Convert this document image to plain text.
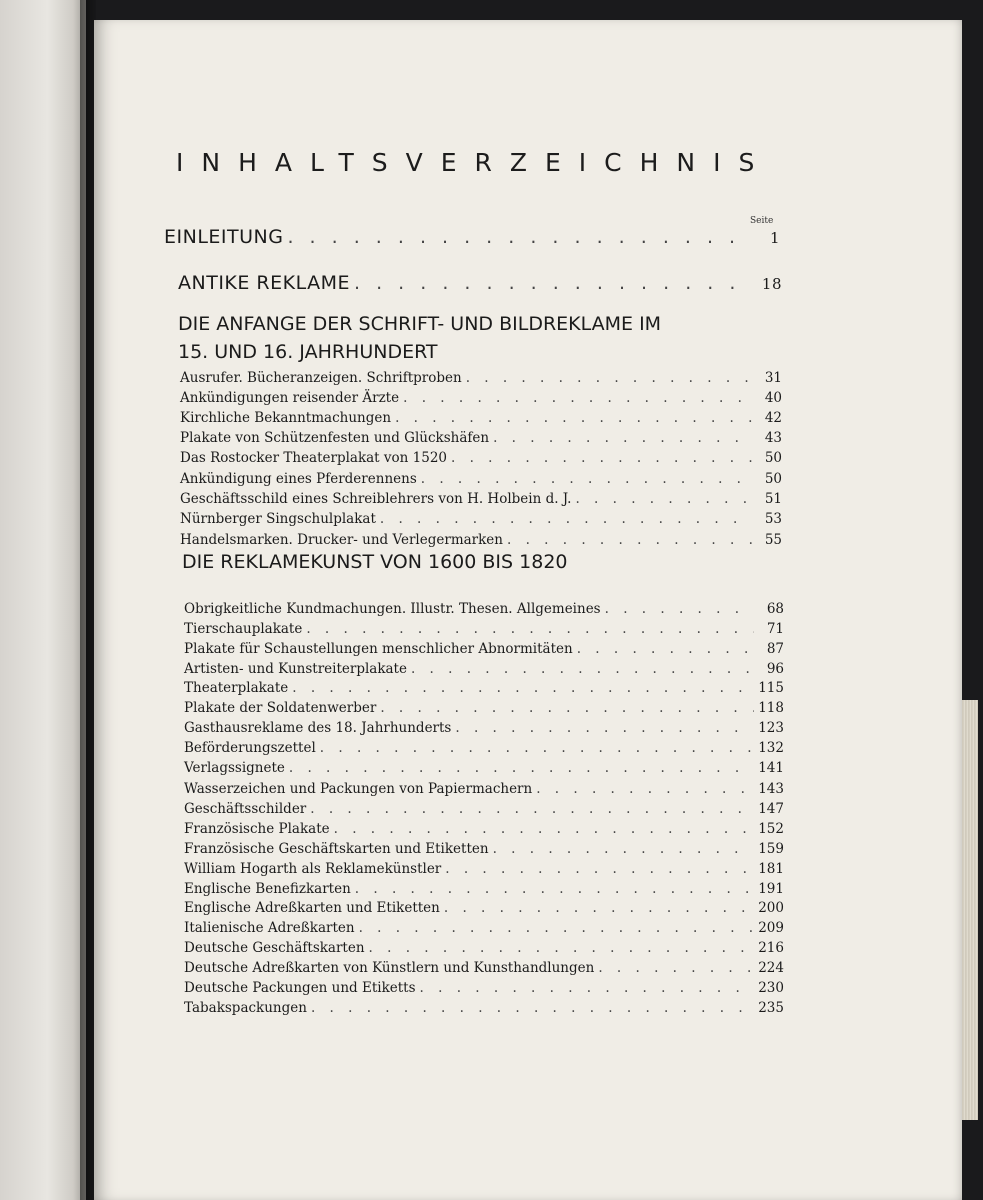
INHALTSVERZEICHNIS
Seite
EINLEITUNG . . .	1
ANTIKE REKLAME . . .	18
DIE ANFANGE DER SCHRIFT- UND BILDREKLAME IM
15. UND 16. JAHRHUNDERT
Ausrufer. Bücheranzeigen. Schriftproben . . .	31
Ankündigungen reisender Ärzte . . .	40
Kirchliche Bekanntmachungen . . .	42
Plakate von Schützenfesten und Glückshäfen . . .	43
Das Rostocker Theaterplakat von 1520 . . .	50
Ankündigung eines Pferderennens . . .	50
Geschäftsschild eines Schreiblehrers von H. Holbein d. J. . . .	51
Nürnberger Singschulplakat . . .	53
Handelsmarken. Drucker- und Verlegermarken . . .	55
DIE REKLAMEKUNST VON 1600 BIS 1820
Obrigkeitliche Kundmachungen. Illustr. Thesen. Allgemeines . . .	68
Tierschauplakate . . .	71
Plakate für Schaustellungen menschlicher Abnormitäten . . .	87
Artisten- und Kunstreiterplakate . . .	96
Theaterplakate . . .	115
Plakate der Soldatenwerber . . .	118
Gasthausreklame des 18. Jahrhunderts . . .	123
Beförderungszettel . . .	132
Verlagssignete . . .	141
Wasserzeichen und Packungen von Papiermachern . . .	143
Geschäftsschilder . . .	147
Französische Plakate . . .	152
Französische Geschäftskarten und Etiketten . . .	159
William Hogarth als Reklamekünstler . . .	181
Englische Benefizkarten . . .	191
Englische Adreßkarten und Etiketten . . .	200
Italienische Adreßkarten . . .	209
Deutsche Geschäftskarten . . .	216
Deutsche Adreßkarten von Künstlern und Kunsthandlungen . . .	224
Deutsche Packungen und Etiketts . . .	230
Tabakspackungen . . .	235
